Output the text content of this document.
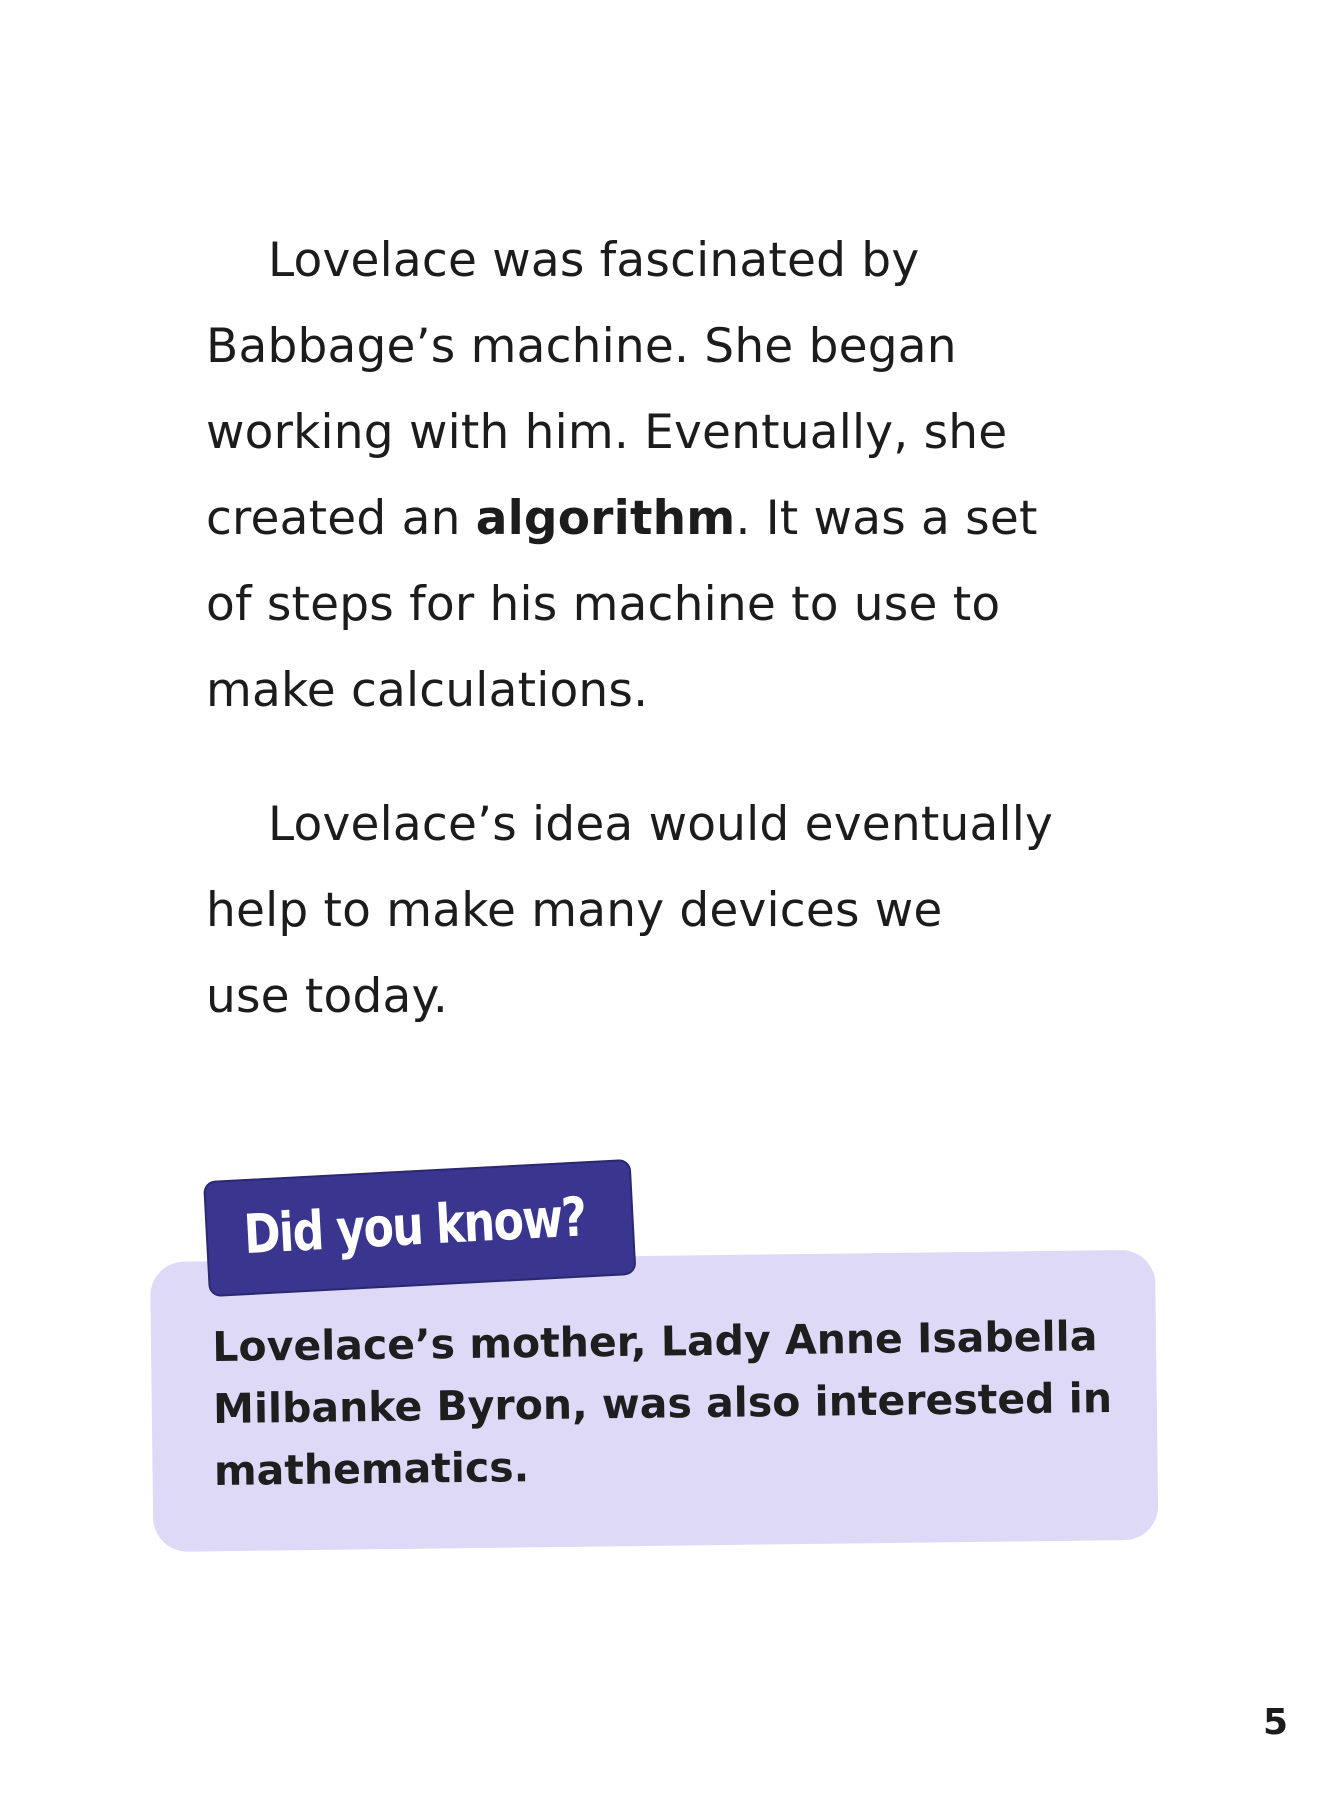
Lovelace was fascinated by
Babbage’s machine. She began
working with him. Eventually, she
created an algorithm. It was a set
of steps for his machine to use to
make calculations.
Lovelace’s idea would eventually
help to make many devices we
use today.
Did you know?
Lovelace’s mother, Lady Anne Isabella
Milbanke Byron, was also interested in
mathematics.
5
